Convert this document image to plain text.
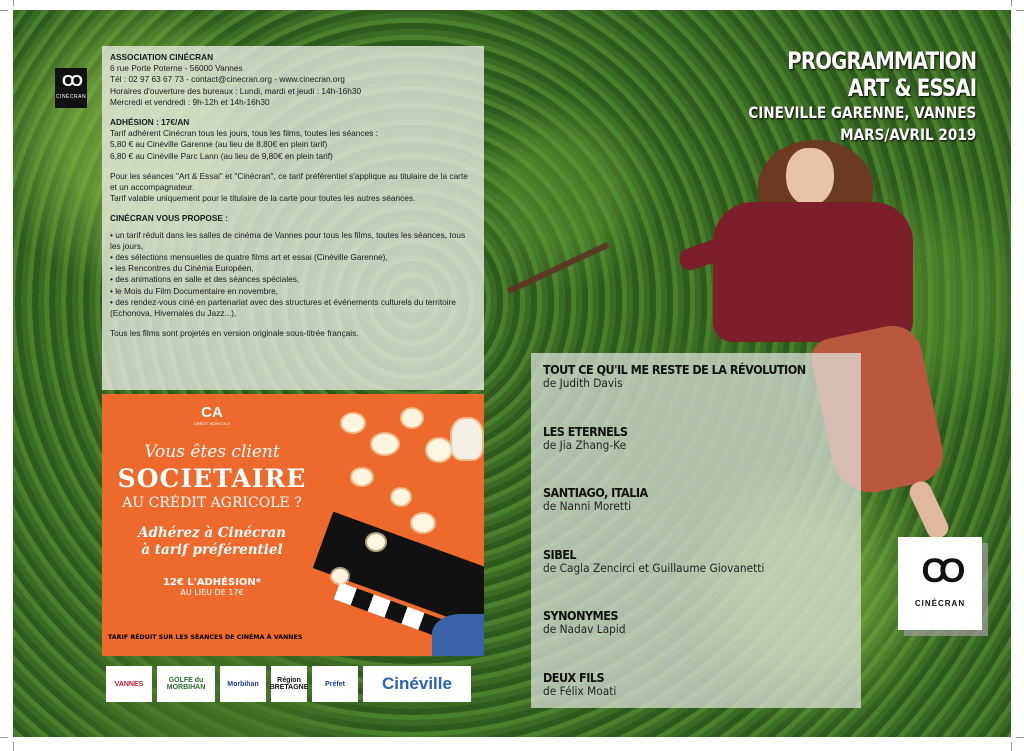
CO
CINÉCRAN

ASSOCIATION CINÉCRAN

6 rue Porte Poterne - 56000 Vannes

Tél : 02 97 63 67 73 - contact@cinecran.org - www.cinecran.org

Horaires d'ouverture des bureaux : Lundi, mardi et jeudi : 14h-16h30

Mercredi et vendredi : 9h-12h et 14h-16h30

ADHÉSION : 17€/AN

Tarif adhérent Cinécran tous les jours, tous les films, toutes les séances :

5,80 € au Cinéville Garenne (au lieu de 8,80€ en plein tarif)

6,80 € au Cinéville Parc Lann (au lieu de 9,80€ en plein tarif)

Pour les séances "Art & Essai" et "Cinécran", ce tarif préférentiel s'applique au titulaire de la carte et un accompagnateur.

Tarif valable uniquement pour le titulaire de la carte pour toutes les autres séances.

CINÉCRAN VOUS PROPOSE :

• un tarif réduit dans les salles de cinéma de Vannes pour tous les films, toutes les séances, tous les jours,

• des sélections mensuelles de quatre films art et essai (Cinéville Garenne),

• les Rencontres du Cinéma Européen,

• des animations en salle et des séances spéciales,

• le Mois du Film Documentaire en novembre,

• des rendez-vous ciné en partenariat avec des structures et événements culturels du territoire (Echonova, Hivernales du Jazz...),

Tous les films sont projetés en version originale sous-titrée français.

CA
CRÉDIT AGRICOLE
Vous êtes client
SOCIETAIRE
AU CRÉDIT AGRICOLE ?
Adhérez à Cinécran
à tarif préférentiel
12€ L'ADHÉSION*
AU LIEU DE 17€
TARIF RÉDUIT SUR LES SÉANCES DE CINÉMA À VANNES
VANNES	GOLFE du MORBIHAN	Morbihan	Région BRETAGNE	Préfet	Cinéville
PROGRAMMATION
ART & ESSAI
CINEVILLE GARENNE, VANNES
MARS/AVRIL 2019
TOUT CE QU'IL ME RESTE DE LA RÉVOLUTION
de Judith Davis
LES ETERNELS
de Jia Zhang-Ke
SANTIAGO, ITALIA
de Nanni Moretti
SIBEL
de Cagla Zencirci et Guillaume Giovanetti
SYNONYMES
de Nadav Lapid
DEUX FILS
de Félix Moati
CO
CINÉCRAN
